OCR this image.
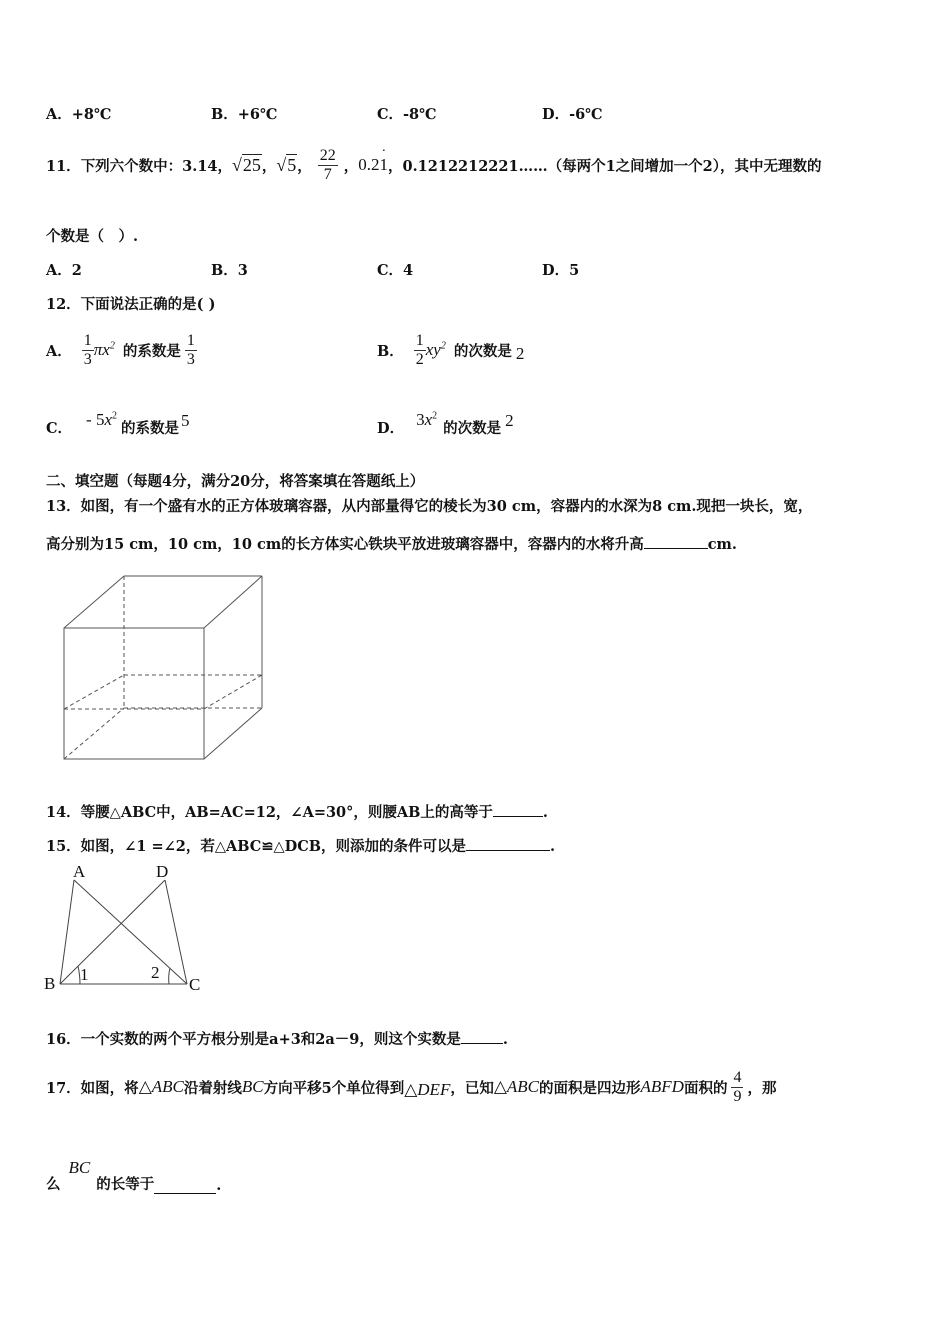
A．+8℃	B．+6℃	C．-8℃	D．-6℃
11． 下列六个数中：3.14， √25 ， √5 ， $\frac{22}{7}$ ， 0.2· 1 ，0.1212212221……（每两个1之间增加一个2），其中无理数的
个数是（　）.
A．2	B．3	C．4	D．5
12．下面说法正确的是( )
A． $\frac{1}{3} \pi x^2$ 的系数是 $\frac{1}{3}$	B． $\frac{1}{2} xy^2$ 的次数是 2
C． - $5x^2$
的系数是 5	D． $3x^2$
的次数是 2
二、填空题（每题4分，满分20分，将答案填在答题纸上）
13．如图，有一个盛有水的正方体玻璃容器，从内部量得它的棱长为30 cm，容器内的水深为8 cm.现把一块长，宽，
高分别为15 cm，10 cm，10 cm的长方体实心铁块平放进玻璃容器中，容器内的水将升高	cm.
14．等腰△ABC中，AB=AC=12，∠A=30°，则腰AB上的高等于	.
15．如图，∠1 =∠2，若△ABC≌△DCB，则添加的条件可以是	.
A	D
B	C
1	2
16．一个实数的两个平方根分别是a+3和2a－9，则这个实数是	.
17．如图，将 △ABC 沿着射线 BC 方向平移5个单位得到 △DEF ，已知 △ABC 的面积是四边形 ABFD 面积的 $\frac{4}{9}$ ，那
么
BC
的长等于	.
